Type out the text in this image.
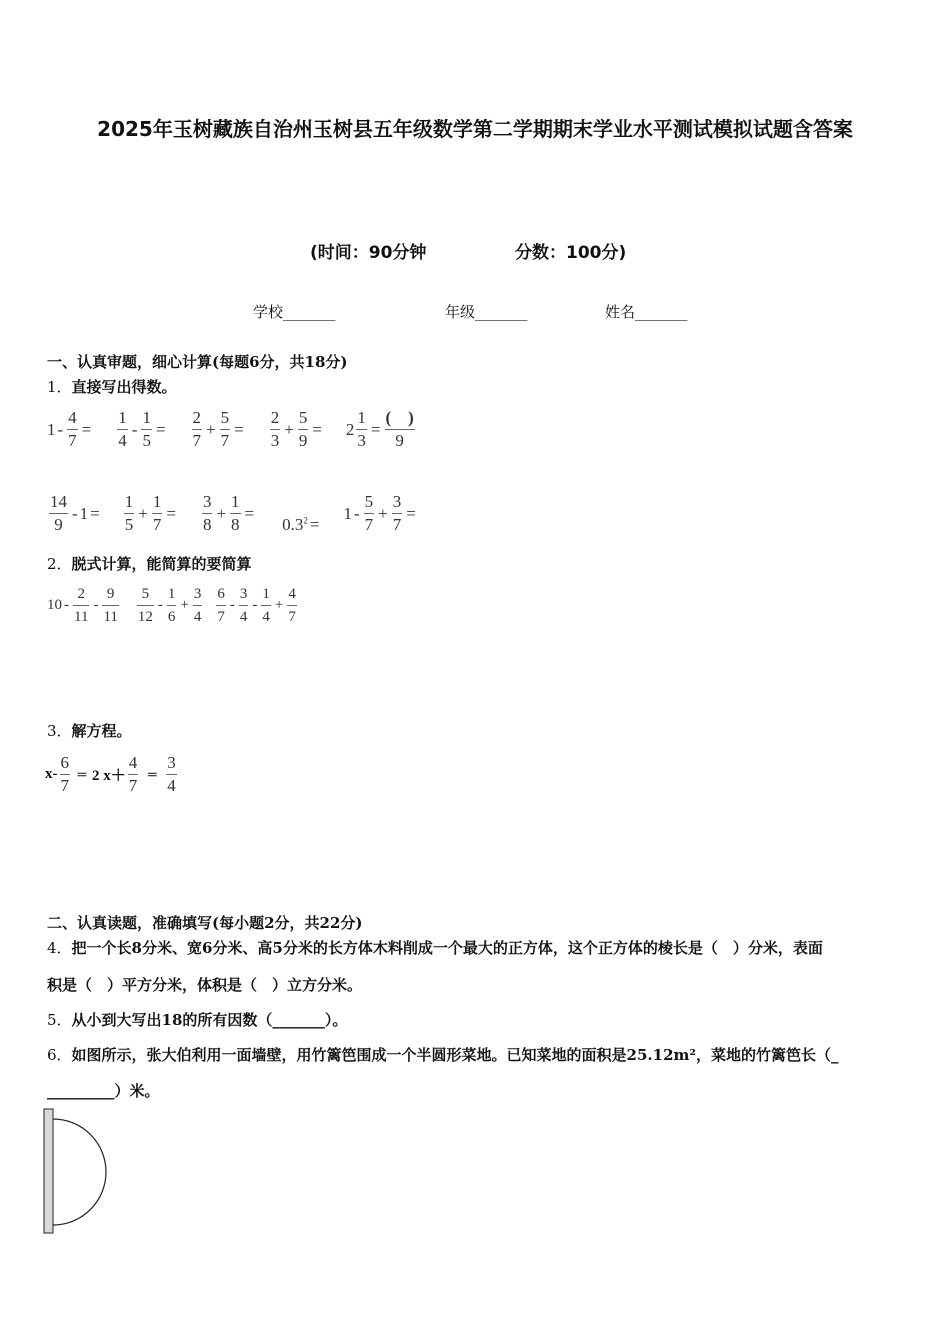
2025年玉树藏族自治州玉树县五年级数学第二学期期末学业水平测试模拟试题含答案
(时间：90分钟	分数：100分)
学校_______	年级_______	姓名_______
一、认真审题，细心计算(每题6分，共18分)
1．直接写出得数。
$1 - \frac{4}{7} = \frac{1}{4} - \frac{1}{5} = \frac{2}{7} + \frac{5}{7} = \frac{2}{3} + \frac{5}{9} = 2 \frac{1}{3} = \frac{( )}{9}$
$\frac{14}{9} - 1 = \frac{1}{5} + \frac{1}{7} = \frac{3}{8} + \frac{1}{8}$ =
$0.3^2$ =
$1 - \frac{5}{7} + \frac{3}{7}$ =
2．脱式计算，能简算的要简算
$10 - \frac{2}{11} - \frac{9}{11} \frac{5}{12} - \frac{1}{6} + \frac{3}{4} \frac{6}{7} - \frac{3}{4} - \frac{1}{4} + \frac{4}{7}$
3．解方程。
$x- \frac{6}{7} = 2$ $x+ \frac{4}{7} = \frac{3}{4}$
二、认真读题，准确填写(每小题2分，共22分)
4．把一个长8分米、宽6分米、高5分米的长方体木料削成一个最大的正方体，这个正方体的棱长是（　）分米，表面
积是（　）平方分米，体积是（　）立方分米。
5．从小到大写出18的所有因数（_______）。
6．如图所示，张大伯利用一面墙壁，用竹篱笆围成一个半圆形菜地。已知菜地的面积是25.12m²，菜地的竹篱笆长（_
_________）米。
